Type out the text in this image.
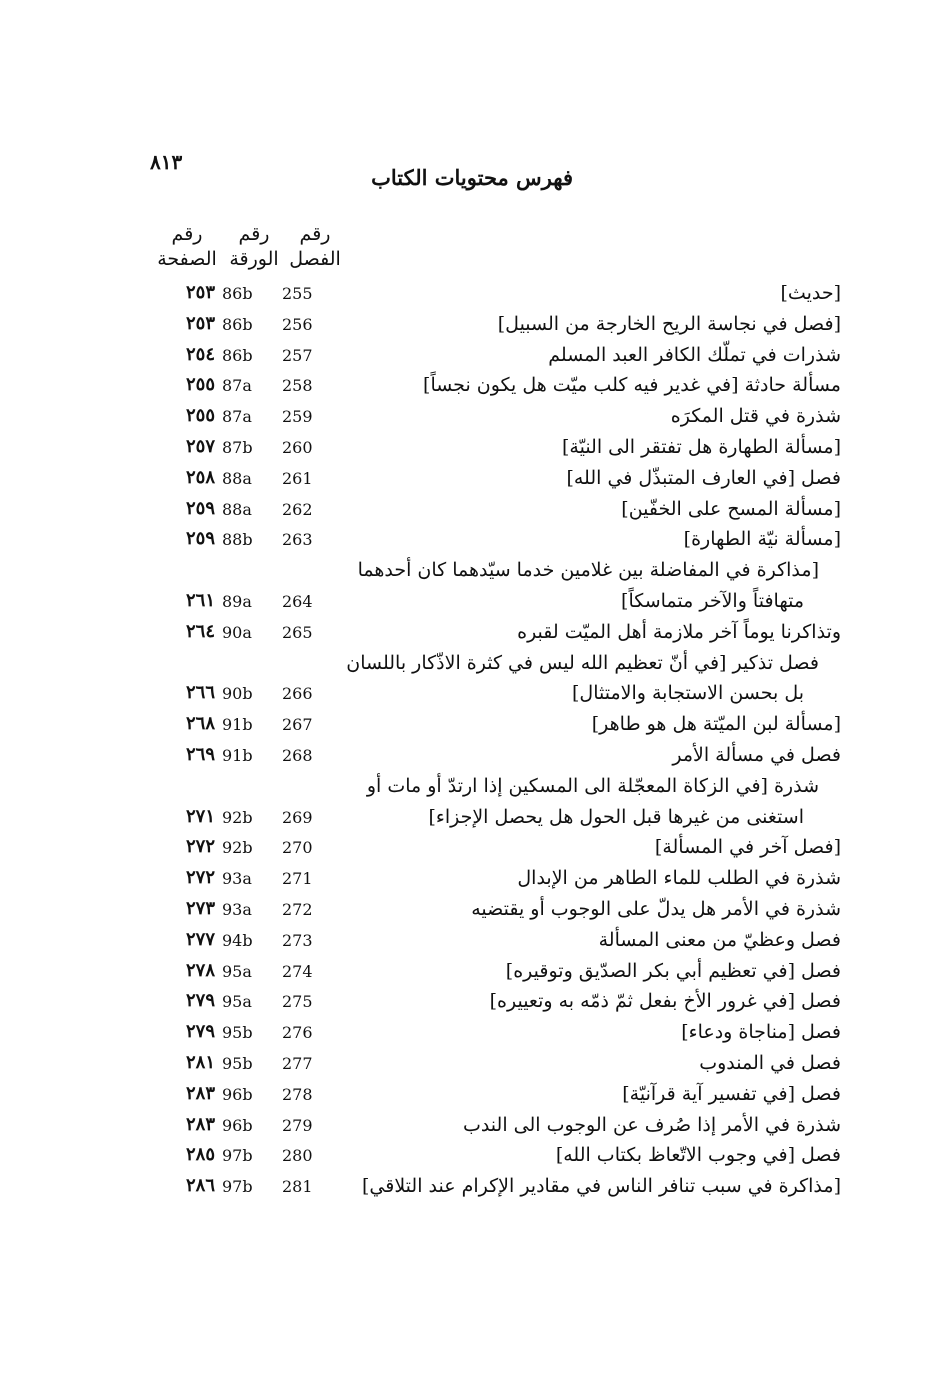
٨١٣
فهرس محتويات الكتاب
رقم
الفصل
رقم
الورقة
رقم
الصفحة
[حديث]
255
86b
٢٥٣
[فصل في نجاسة الريح الخارجة من السبيل]
256
86b
٢٥٣
شذرات في تملّك الكافر العبد المسلم
257
86b
٢٥٤
مسألة حادثة [في غدير فيه كلب ميّت هل يكون نجساً]
258
87a
٢٥٥
شذرة في قتل المكرَه
259
87a
٢٥٥
[مسألة الطهارة هل تفتقر الى النيّة]
260
87b
٢٥٧
فصل [في العارف المتبذّل في الله]
261
88a
٢٥٨
[مسألة المسح على الخفّين]
262
88a
٢٥٩
[مسألة نيّة الطهارة]
263
88b
٢٥٩
[مذاكرة في المفاضلة بين غلامين خدما سيّدهما كان أحدهما
متهافتاً والآخر متماسكاً]
264
89a
٢٦١
وتذاكرنا يوماً آخر ملازمة أهل الميّت لقبره
265
90a
٢٦٤
فصل تذكير [في أنّ تعظيم الله ليس في كثرة الاذّكار باللسان
بل بحسن الاستجابة والامتثال]
266
90b
٢٦٦
[مسألة لبن الميّتة هل هو طاهر]
267
91b
٢٦٨
فصل في مسألة الأمر
268
91b
٢٦٩
شذرة [في الزكاة المعجّلة الى المسكين إذا ارتدّ أو مات أو
استغنى من غيرها قبل الحول هل يحصل الإجزاء]
269
92b
٢٧١
[فصل آخر في المسألة]
270
92b
٢٧٢
شذرة في الطلب للماء الطاهر من الإبدال
271
93a
٢٧٢
شذرة في الأمر هل يدلّ على الوجوب أو يقتضيه
272
93a
٢٧٣
فصل وعظيّ من معنى المسألة
273
94b
٢٧٧
فصل [في تعظيم أبي بكر الصدّيق وتوقيره]
274
95a
٢٧٨
فصل [في غرور الأخ بفعل ثمّ ذمّه به وتعييره]
275
95a
٢٧٩
فصل [مناجاة ودعاء]
276
95b
٢٧٩
فصل في المندوب
277
95b
٢٨١
فصل [في تفسير آية قرآنيّة]
278
96b
٢٨٣
شذرة في الأمر إذا صُرف عن الوجوب الى الندب
279
96b
٢٨٣
فصل [في وجوب الاتّعاظ بكتاب الله]
280
97b
٢٨٥
[مذاكرة في سبب تنافر الناس في مقادير الإكرام عند التلاقي]
281
97b
٢٨٦
